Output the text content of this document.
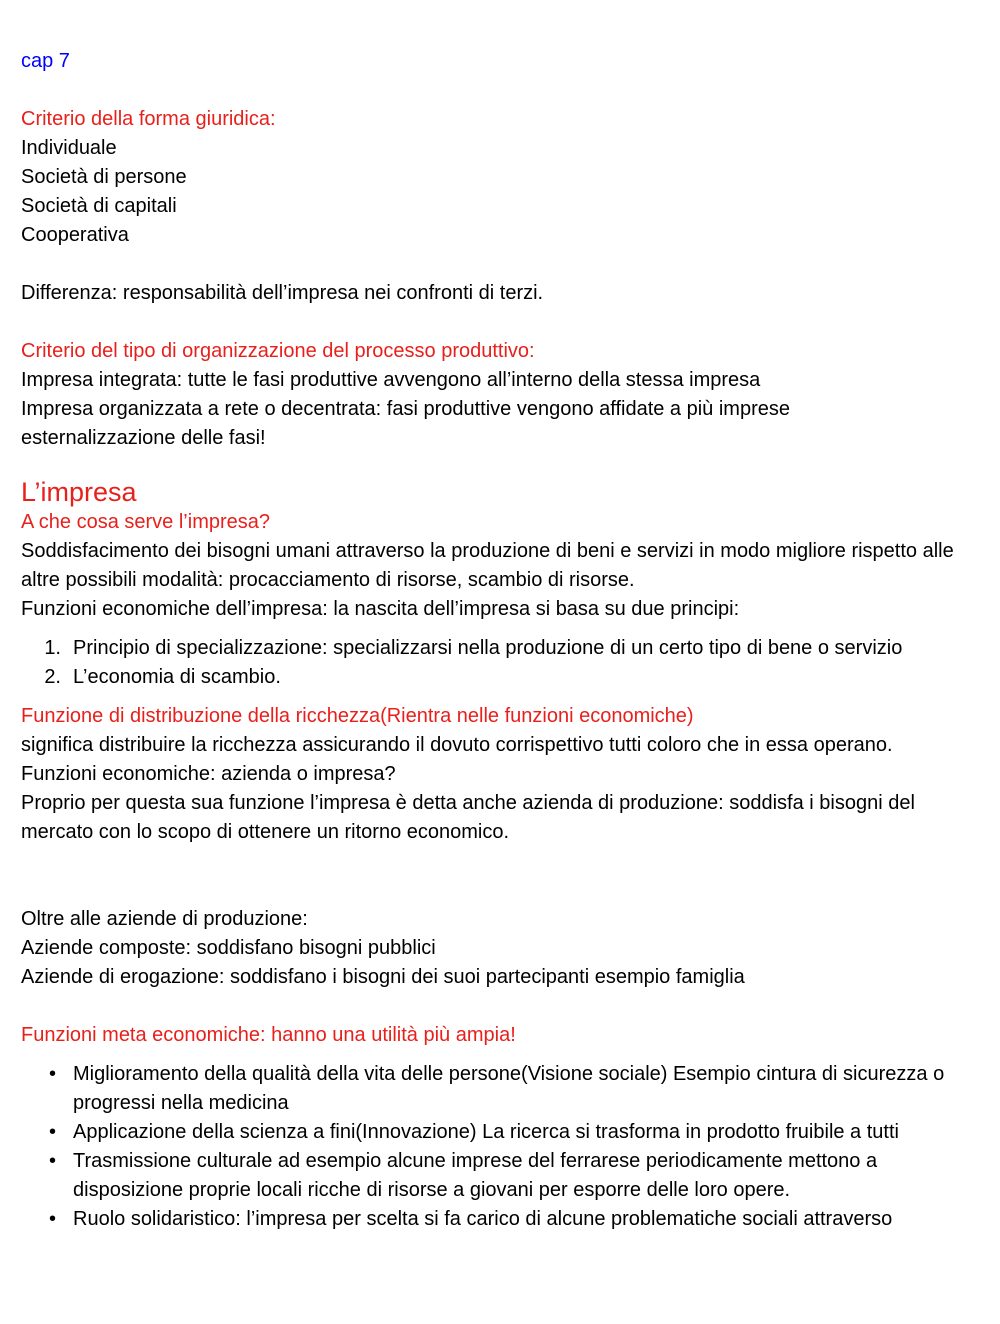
cap 7
Criterio della forma giuridica:
Individuale
Società di persone
Società di capitali
Cooperativa
Differenza: responsabilità dell’impresa nei confronti di terzi.
Criterio del tipo di organizzazione del processo produttivo:
Impresa integrata: tutte le fasi produttive avvengono all’interno della stessa impresa
Impresa organizzata a rete o decentrata: fasi produttive vengono affidate a più imprese
esternalizzazione delle fasi!
L’impresa
A che cosa serve l’impresa?
Soddisfacimento dei bisogni umani attraverso la produzione di beni e servizi in modo migliore rispetto alle altre possibili modalità: procacciamento di risorse, scambio di risorse.
Funzioni economiche dell’impresa: la nascita dell’impresa si basa su due principi:
1. Principio di specializzazione: specializzarsi nella produzione di un certo tipo di bene o servizio
2. L’economia di scambio.
Funzione di distribuzione della ricchezza(Rientra nelle funzioni economiche)
significa distribuire la ricchezza assicurando il dovuto corrispettivo tutti coloro che in essa operano.
Funzioni economiche: azienda o impresa?
Proprio per questa sua funzione l’impresa è detta anche azienda di produzione: soddisfa i bisogni del mercato con lo scopo di ottenere un ritorno economico.
Oltre alle aziende di produzione:
Aziende composte: soddisfano bisogni pubblici
Aziende di erogazione: soddisfano i bisogni dei suoi partecipanti esempio famiglia
Funzioni meta economiche: hanno una utilità più ampia!
• Miglioramento della qualità della vita delle persone(Visione sociale) Esempio cintura di sicurezza o progressi nella medicina
• Applicazione della scienza a fini(Innovazione) La ricerca si trasforma in prodotto fruibile a tutti
• Trasmissione culturale ad esempio alcune imprese del ferrarese periodicamente mettono a disposizione proprie locali ricche di risorse a giovani per esporre delle loro opere.
• Ruolo solidaristico: l’impresa per scelta si fa carico di alcune problematiche sociali attraverso
